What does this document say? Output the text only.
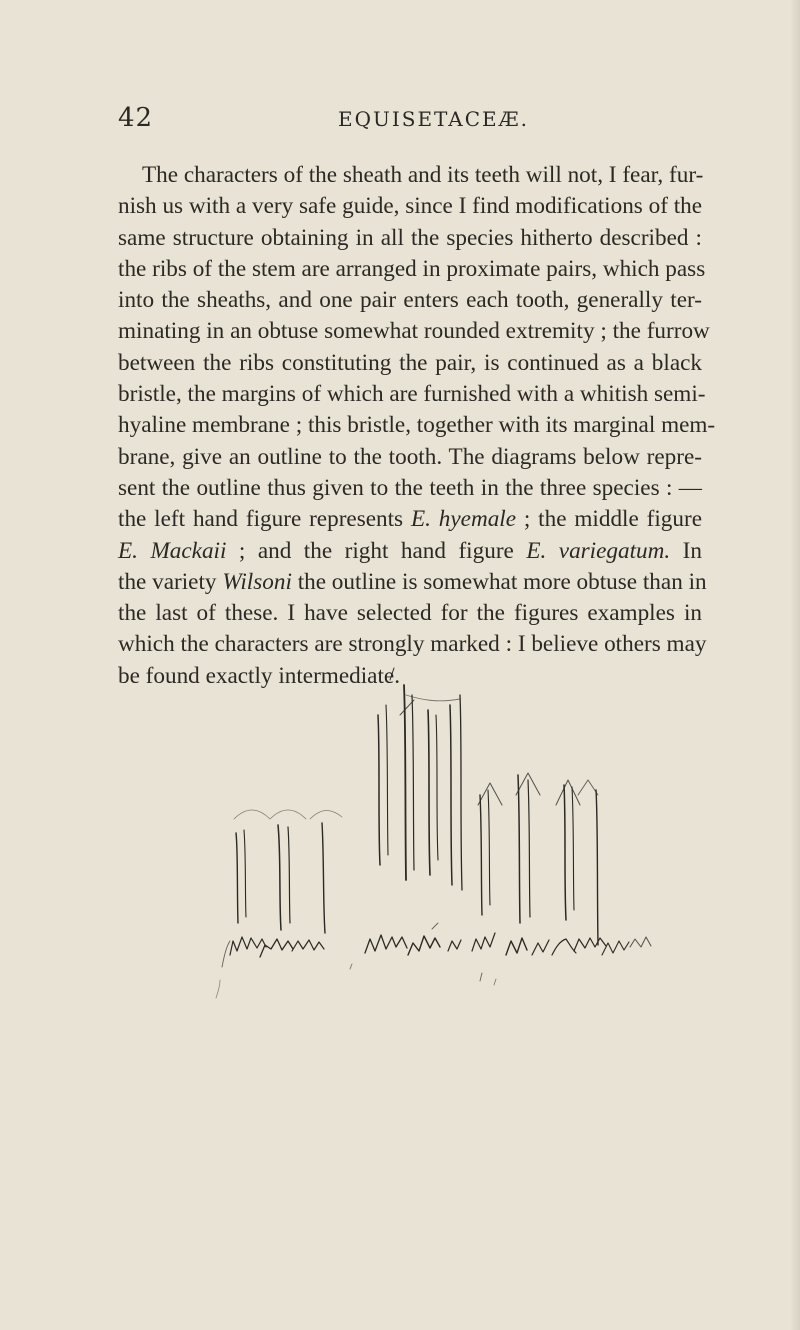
42	EQUISETACEÆ.
The characters of the sheath and its teeth will not, I fear, fur-
nish us with a very safe guide, since I find modifications of the
same structure obtaining in all the species hitherto described :
the ribs of the stem are arranged in proximate pairs, which pass
into the sheaths, and one pair enters each tooth, generally ter-
minating in an obtuse somewhat rounded extremity ; the furrow
between the ribs constituting the pair, is continued as a black
bristle, the margins of which are furnished with a whitish semi-
hyaline membrane ; this bristle, together with its marginal mem-
brane, give an outline to the tooth. The diagrams below repre-
sent the outline thus given to the teeth in the three species : —
the left hand figure represents E. hyemale ; the middle figure
E. Mackaii ; and the right hand figure E. variegatum. In
the variety Wilsoni the outline is somewhat more obtuse than in
the last of these. I have selected for the figures examples in
which the characters are strongly marked : I believe others may
be found exactly intermediate.
